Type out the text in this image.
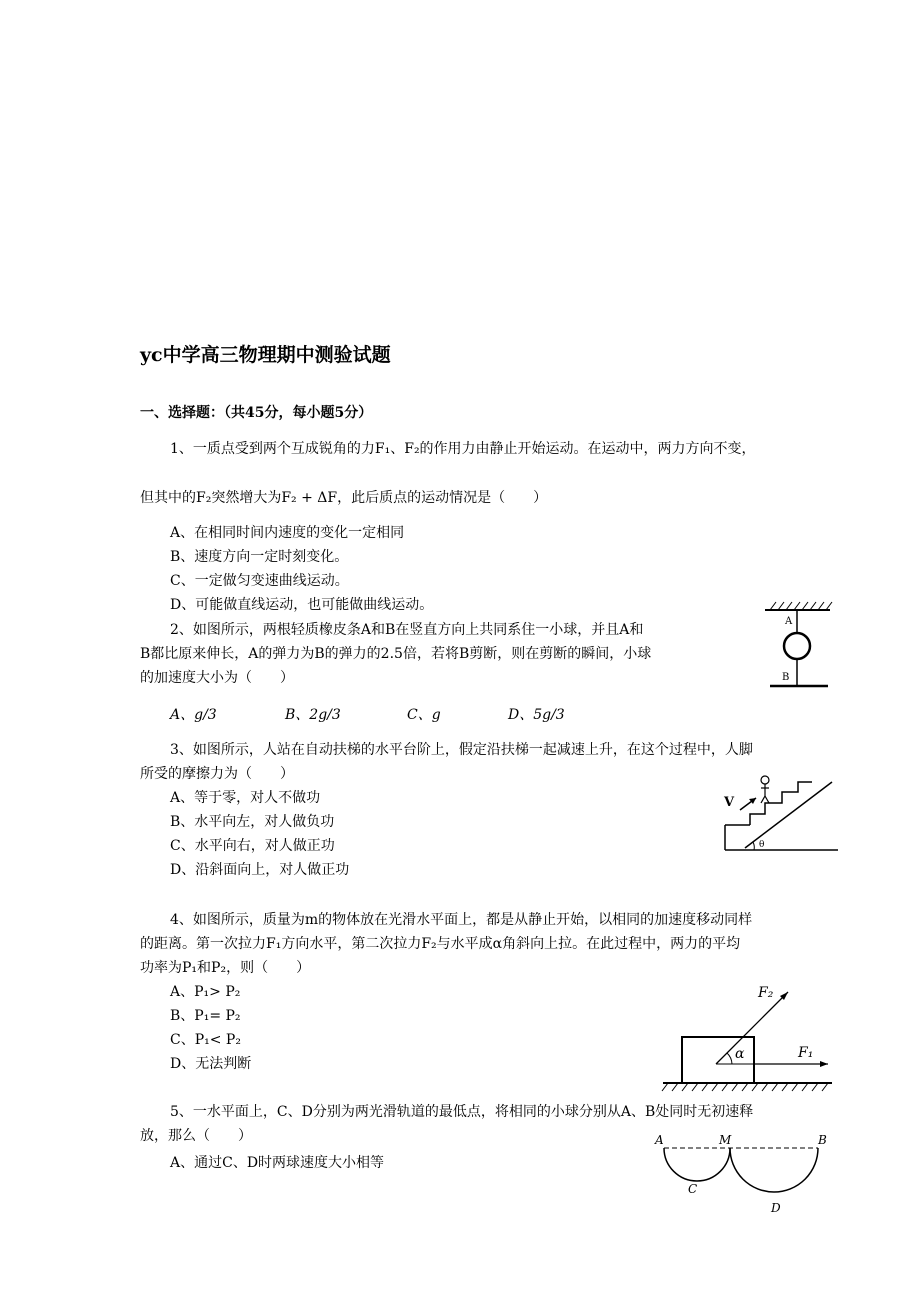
yc中学高三物理期中测验试题
一、选择题：（共45分，每小题5分）
1、一质点受到两个互成锐角的力F₁、F₂的作用力由静止开始运动。在运动中，两力方向不变，
但其中的F₂突然增大为F₂ + ΔF，此后质点的运动情况是（　　）
A、在相同时间内速度的变化一定相同
B、速度方向一定时刻变化。
C、一定做匀变速曲线运动。
D、可能做直线运动，也可能做曲线运动。
2、如图所示，两根轻质橡皮条A和B在竖直方向上共同系住一小球，并且A和
B都比原来伸长，A的弹力为B的弹力的2.5倍，若将B剪断，则在剪断的瞬间，小球
的加速度大小为（　　）
A、g/3	B、2g/3	C、g	D、5g/3
A
B
3、如图所示，人站在自动扶梯的水平台阶上，假定沿扶梯一起减速上升，在这个过程中，人脚
所受的摩擦力为（　　）
A、等于零，对人不做功
B、水平向左，对人做负功
C、水平向右，对人做正功
D、沿斜面向上，对人做正功
V
θ
4、如图所示，质量为m的物体放在光滑水平面上，都是从静止开始，以相同的加速度移动同样
的距离。第一次拉力F₁方向水平，第二次拉力F₂与水平成α角斜向上拉。在此过程中，两力的平均
功率为P₁和P₂，则（　　）
A、P₁> P₂
B、P₁= P₂
C、P₁< P₂
D、无法判断
F₂
α	F₁
5、一水平面上，C、D分别为两光滑轨道的最低点，将相同的小球分别从A、B处同时无初速释
放，那么（　　）
A、通过C、D时两球速度大小相等
A	M	B
C
D
